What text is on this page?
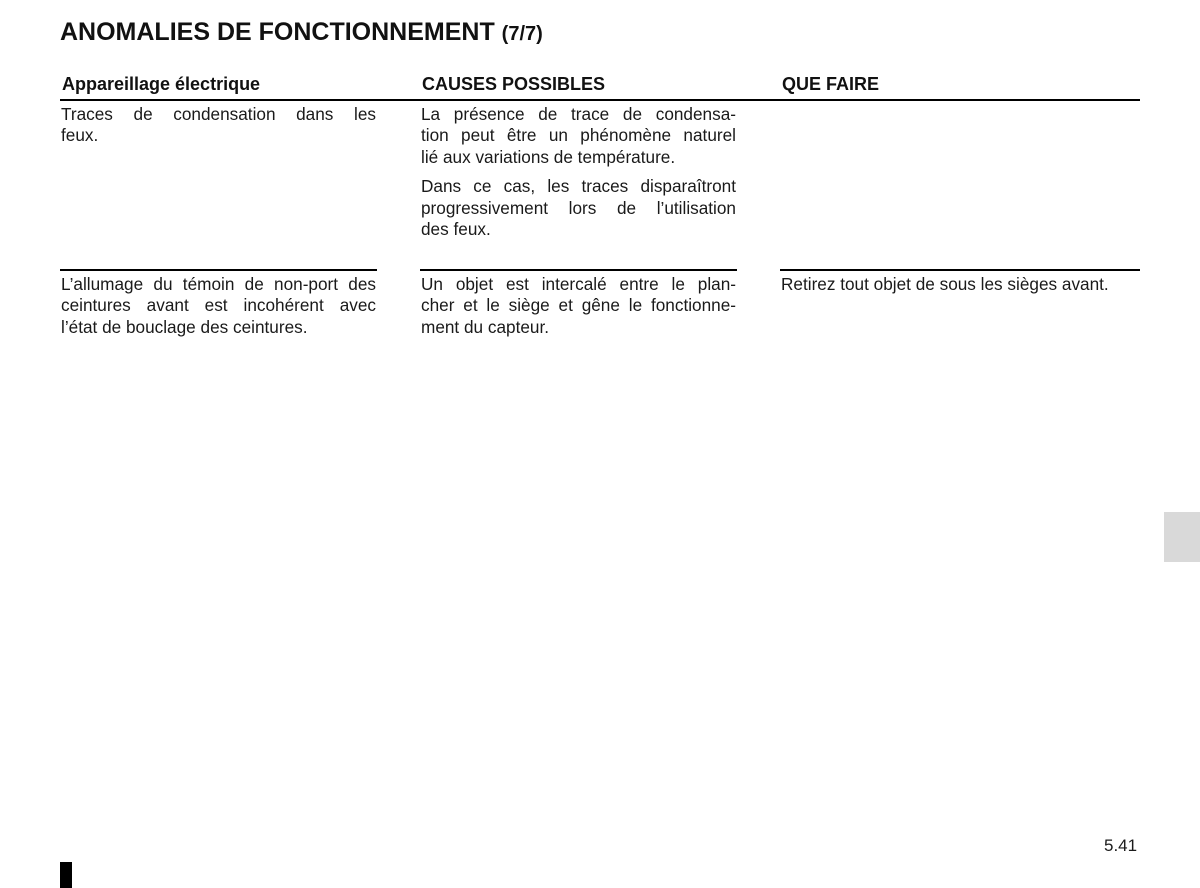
ANOMALIES DE FONCTIONNEMENT (7/7)
Appareillage électrique	CAUSES POSSIBLES	QUE FAIRE
Traces de condensation dans les
feux.

La présence de trace de condensa-
tion peut être un phénomène naturel
lié aux variations de température.

Dans ce cas, les traces disparaîtront
progressivement lors de l’utilisation
des feux.

L’allumage du témoin de non-port des
ceintures avant est incohérent avec
l’état de bouclage des ceintures.

Un objet est intercalé entre le plan-
cher et le siège et gêne le fonctionne-
ment du capteur.

Retirez tout objet de sous les sièges avant.
5.41
